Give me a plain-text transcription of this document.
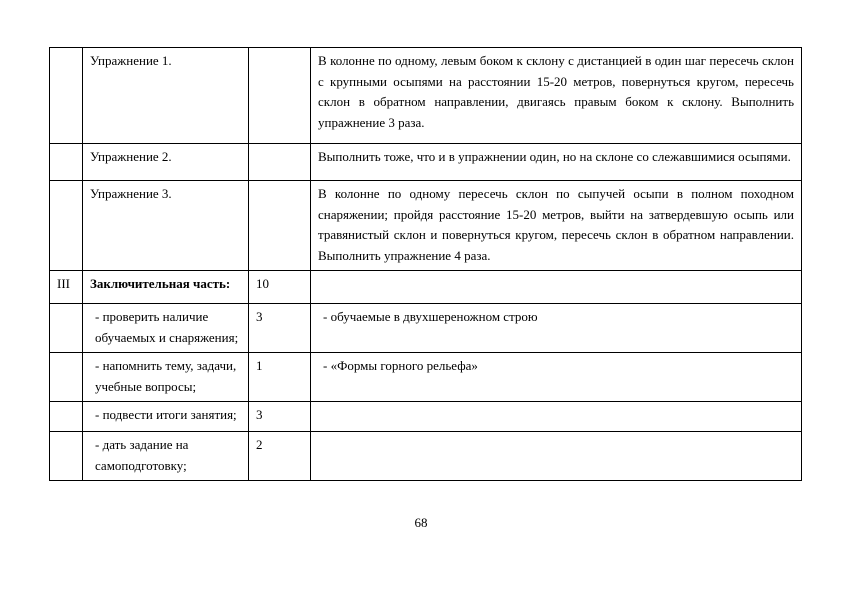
	Упражнение 1.		В колонне по одному, левым боком к склону с дистанцией в один шаг пересечь склон с крупными осыпями на расстоянии 15-20 метров, повернуться кругом, пересечь склон в обратном направлении, двигаясь правым боком к склону. Выполнить упражнение 3 раза.
	Упражнение 2.		Выполнить тоже, что и в упражнении один, но на склоне со слежавшимися осыпями.
	Упражнение 3.		В колонне по одному пересечь склон по сыпучей осыпи в полном походном снаряжении; пройдя расстояние 15-20 метров, выйти на затвердевшую осыпь или травянистый склон и повернуться кругом, пересечь склон в обратном направлении. Выполнить упражнение 4 раза.
III	Заключительная часть:	10	
	- проверить наличие обучаемых и снаряжения;	3	- обучаемые в двухшереножном строю
	- напомнить тему, задачи, учебные вопросы;	1	- «Формы горного рельефа»
	- подвести итоги занятия;	3	
	- дать задание на самоподготовку;	2	
68
